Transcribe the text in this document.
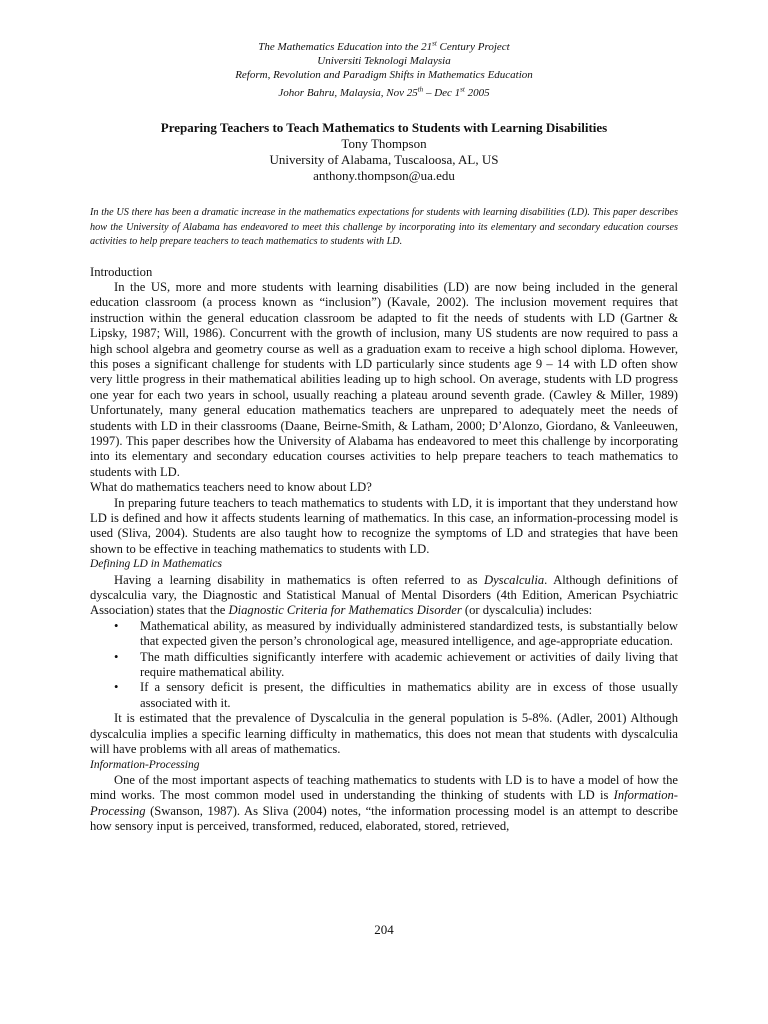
The Mathematics Education into the 21st Century Project
Universiti Teknologi Malaysia
Reform, Revolution and Paradigm Shifts in Mathematics Education
Johor Bahru, Malaysia, Nov 25th – Dec 1st 2005
Preparing Teachers to Teach Mathematics to Students with Learning Disabilities
Tony Thompson
University of Alabama, Tuscaloosa, AL, US
anthony.thompson@ua.edu
In the US there has been a dramatic increase in the mathematics expectations for students with learning disabilities (LD). This paper describes how the University of Alabama has endeavored to meet this challenge by incorporating into its elementary and secondary education courses activities to help prepare teachers to teach mathematics to students with LD.

Introduction

In the US, more and more students with learning disabilities (LD) are now being included in the general education classroom (a process known as “inclusion”) (Kavale, 2002). The inclusion movement requires that instruction within the general education classroom be adapted to fit the needs of students with LD (Gartner & Lipsky, 1987; Will, 1986). Concurrent with the growth of inclusion, many US students are now required to pass a high school algebra and geometry course as well as a graduation exam to receive a high school diploma. However, this poses a significant challenge for students with LD particularly since students age 9 – 14 with LD often show very little progress in their mathematical abilities leading up to high school. On average, students with LD progress one year for each two years in school, usually reaching a plateau around seventh grade. (Cawley & Miller, 1989) Unfortunately, many general education mathematics teachers are unprepared to adequately meet the needs of students with LD in their classrooms (Daane, Beirne-Smith, & Latham, 2000; D’Alonzo, Giordano, & Vanleeuwen, 1997). This paper describes how the University of Alabama has endeavored to meet this challenge by incorporating into its elementary and secondary education courses activities to help prepare teachers to teach mathematics to students with LD.

What do mathematics teachers need to know about LD?

In preparing future teachers to teach mathematics to students with LD, it is important that they understand how LD is defined and how it affects students learning of mathematics. In this case, an information-processing model is used (Sliva, 2004). Students are also taught how to recognize the symptoms of LD and strategies that have been shown to be effective in teaching mathematics to students with LD.

Defining LD in Mathematics

Having a learning disability in mathematics is often referred to as Dyscalculia. Although definitions of dyscalculia vary, the Diagnostic and Statistical Manual of Mental Disorders (4th Edition, American Psychiatric Association) states that the Diagnostic Criteria for Mathematics Disorder (or dyscalculia) includes:

• Mathematical ability, as measured by individually administered standardized tests, is substantially below that expected given the person’s chronological age, measured intelligence, and age-appropriate education.
• The math difficulties significantly interfere with academic achievement or activities of daily living that require mathematical ability.
• If a sensory deficit is present, the difficulties in mathematics ability are in excess of those usually associated with it.

It is estimated that the prevalence of Dyscalculia in the general population is 5-8%. (Adler, 2001) Although dyscalculia implies a specific learning difficulty in mathematics, this does not mean that students with dyscalculia will have problems with all areas of mathematics.

Information-Processing

One of the most important aspects of teaching mathematics to students with LD is to have a model of how the mind works. The most common model used in understanding the thinking of students with LD is Information-Processing (Swanson, 1987). As Sliva (2004) notes, “the information processing model is an attempt to describe how sensory input is perceived, transformed, reduced, elaborated, stored, retrieved,

204
